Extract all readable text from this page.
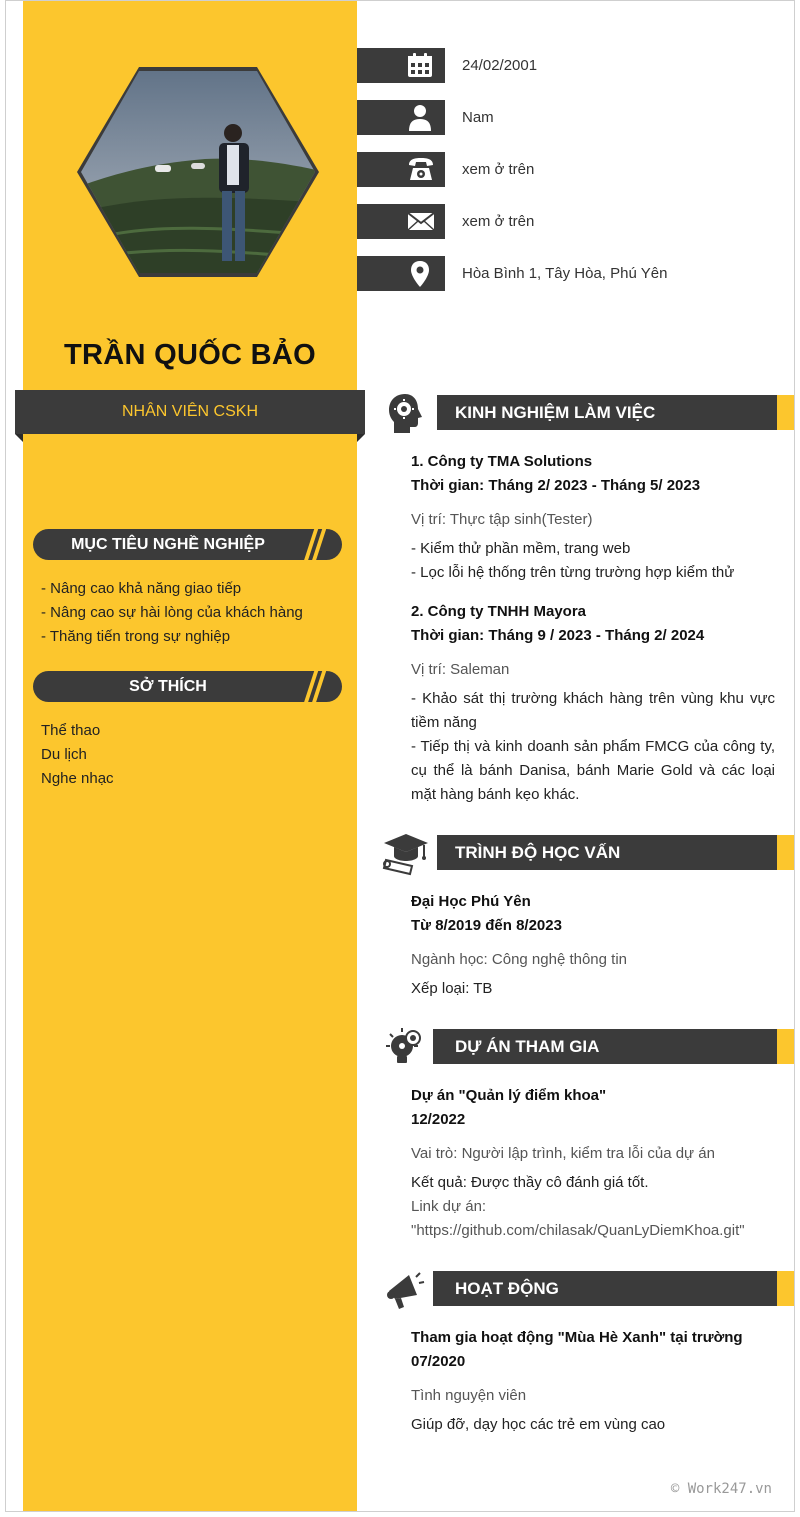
TRẦN QUỐC BẢO
NHÂN VIÊN CSKH
MỤC TIÊU NGHỀ NGHIỆP
- Nâng cao khả năng giao tiếp
- Nâng cao sự hài lòng của khách hàng
- Thăng tiến trong sự nghiệp
SỞ THÍCH
Thể thao
Du lịch
Nghe nhạc
24/02/2001
Nam
xem ở trên
xem ở trên
Hòa Bình 1, Tây Hòa, Phú Yên
KINH NGHIỆM LÀM VIỆC
1. Công ty TMA Solutions
Thời gian: Tháng 2/ 2023 - Tháng 5/ 2023
Vị trí: Thực tập sinh(Tester)
- Kiểm thử phần mềm, trang web
- Lọc lỗi hệ thống trên từng trường hợp kiểm thử
2. Công ty TNHH Mayora
Thời gian: Tháng 9 / 2023 - Tháng 2/ 2024
Vị trí: Saleman
- Khảo sát thị trường khách hàng trên vùng khu vực tiềm năng
- Tiếp thị và kinh doanh sản phẩm FMCG của công ty, cụ thể là bánh Danisa, bánh Marie Gold và các loại mặt hàng bánh kẹo khác.
TRÌNH ĐỘ HỌC VẤN
Đại Học Phú Yên
Từ 8/2019 đến 8/2023
Ngành học: Công nghệ thông tin
Xếp loại: TB
DỰ ÁN THAM GIA
Dự án "Quản lý điểm khoa"
12/2022
Vai trò: Người lập trình, kiểm tra lỗi của dự án
Kết quả: Được thầy cô đánh giá tốt.
Link dự án:
"https://github.com/chilasak/QuanLyDiemKhoa.git"
HOẠT ĐỘNG
Tham gia hoạt động "Mùa Hè Xanh" tại trường
07/2020
Tình nguyện viên
Giúp đỡ, dạy học các trẻ em vùng cao
© Work247.vn
